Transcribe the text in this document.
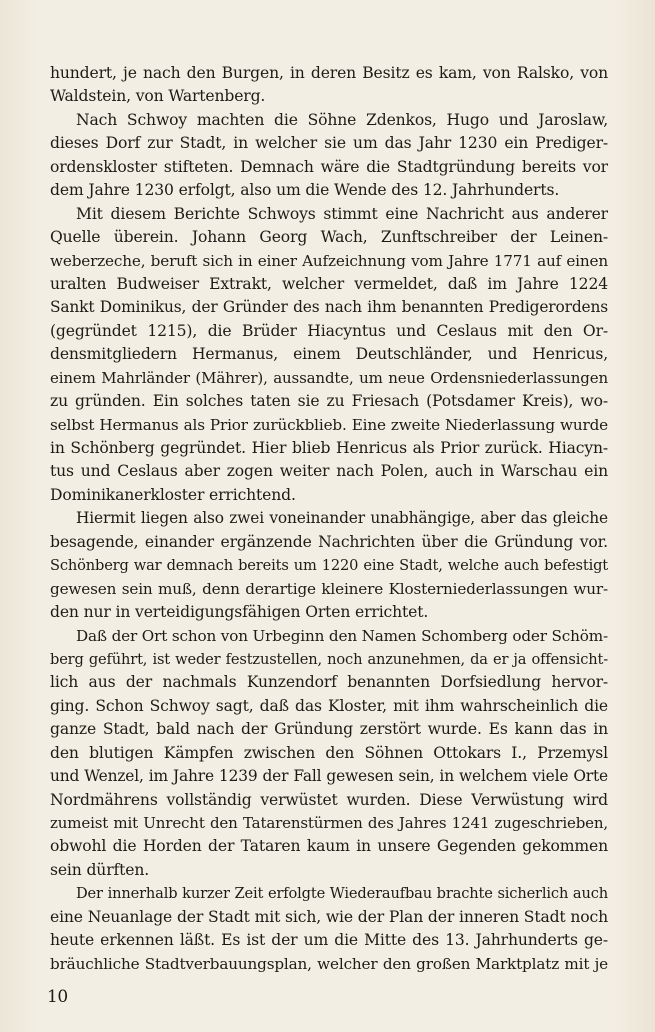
hundert, je nach den Burgen, in deren Besitz es kam, von Ralsko, von
Waldstein, von Wartenberg.
Nach Schwoy machten die Söhne Zdenkos, Hugo und Jaroslaw,
dieses Dorf zur Stadt, in welcher sie um das Jahr 1230 ein Prediger-
ordenskloster stifteten. Demnach wäre die Stadtgründung bereits vor
dem Jahre 1230 erfolgt, also um die Wende des 12. Jahrhunderts.
Mit diesem Berichte Schwoys stimmt eine Nachricht aus anderer
Quelle überein. Johann Georg Wach, Zunftschreiber der Leinen-
weberzeche, beruft sich in einer Aufzeichnung vom Jahre 1771 auf einen
uralten Budweiser Extrakt, welcher vermeldet, daß im Jahre 1224
Sankt Dominikus, der Gründer des nach ihm benannten Predigerordens
(gegründet 1215), die Brüder Hiacyntus und Ceslaus mit den Or-
densmitgliedern Hermanus, einem Deutschländer, und Henricus,
einem Mahrländer (Mährer), aussandte, um neue Ordensniederlassungen
zu gründen. Ein solches taten sie zu Friesach (Potsdamer Kreis), wo-
selbst Hermanus als Prior zurückblieb. Eine zweite Niederlassung wurde
in Schönberg gegründet. Hier blieb Henricus als Prior zurück. Hiacyn-
tus und Ceslaus aber zogen weiter nach Polen, auch in Warschau ein
Dominikanerkloster errichtend.
Hiermit liegen also zwei voneinander unabhängige, aber das gleiche
besagende, einander ergänzende Nachrichten über die Gründung vor.
Schönberg war demnach bereits um 1220 eine Stadt, welche auch befestigt
gewesen sein muß, denn derartige kleinere Klosterniederlassungen wur-
den nur in verteidigungsfähigen Orten errichtet.
Daß der Ort schon von Urbeginn den Namen Schomberg oder Schöm-
berg geführt, ist weder festzustellen, noch anzunehmen, da er ja offensicht-
lich aus der nachmals Kunzendorf benannten Dorfsiedlung hervor-
ging. Schon Schwoy sagt, daß das Kloster, mit ihm wahrscheinlich die
ganze Stadt, bald nach der Gründung zerstört wurde. Es kann das in
den blutigen Kämpfen zwischen den Söhnen Ottokars I., Przemysl
und Wenzel, im Jahre 1239 der Fall gewesen sein, in welchem viele Orte
Nordmährens vollständig verwüstet wurden. Diese Verwüstung wird
zumeist mit Unrecht den Tatarenstürmen des Jahres 1241 zugeschrieben,
obwohl die Horden der Tataren kaum in unsere Gegenden gekommen
sein dürften.
Der innerhalb kurzer Zeit erfolgte Wiederaufbau brachte sicherlich auch
eine Neuanlage der Stadt mit sich, wie der Plan der inneren Stadt noch
heute erkennen läßt. Es ist der um die Mitte des 13. Jahrhunderts ge-
bräuchliche Stadtverbauungsplan, welcher den großen Marktplatz mit je
10
